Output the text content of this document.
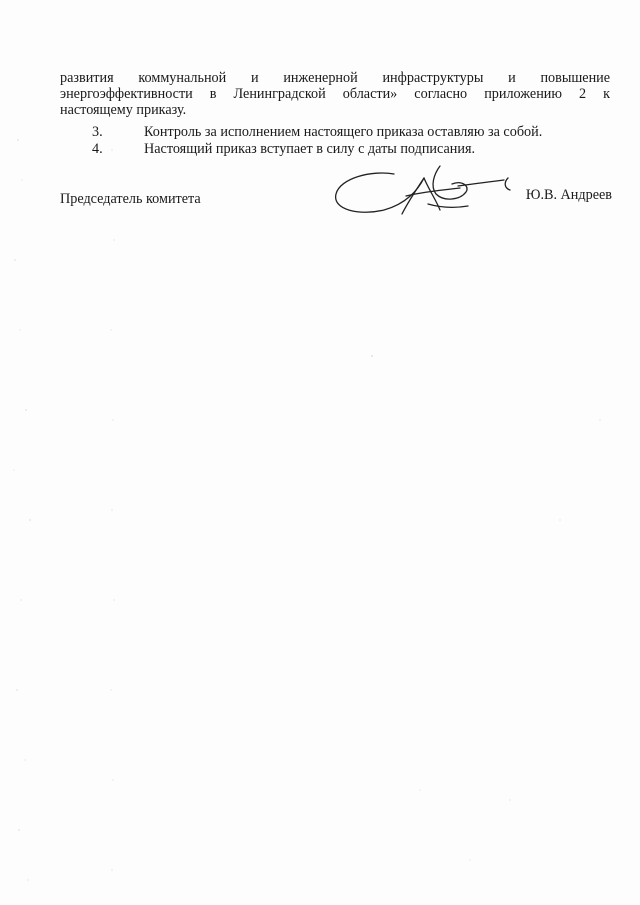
развития коммунальной и инженерной инфраструктуры и повышение
энергоэффективности в Ленинградской области» согласно приложению 2 к
настоящему приказу.
3.	Контроль за исполнением настоящего приказа оставляю за собой.
4.	Настоящий приказ вступает в силу с даты подписания.
Председатель комитета	Ю.В. Андреев
